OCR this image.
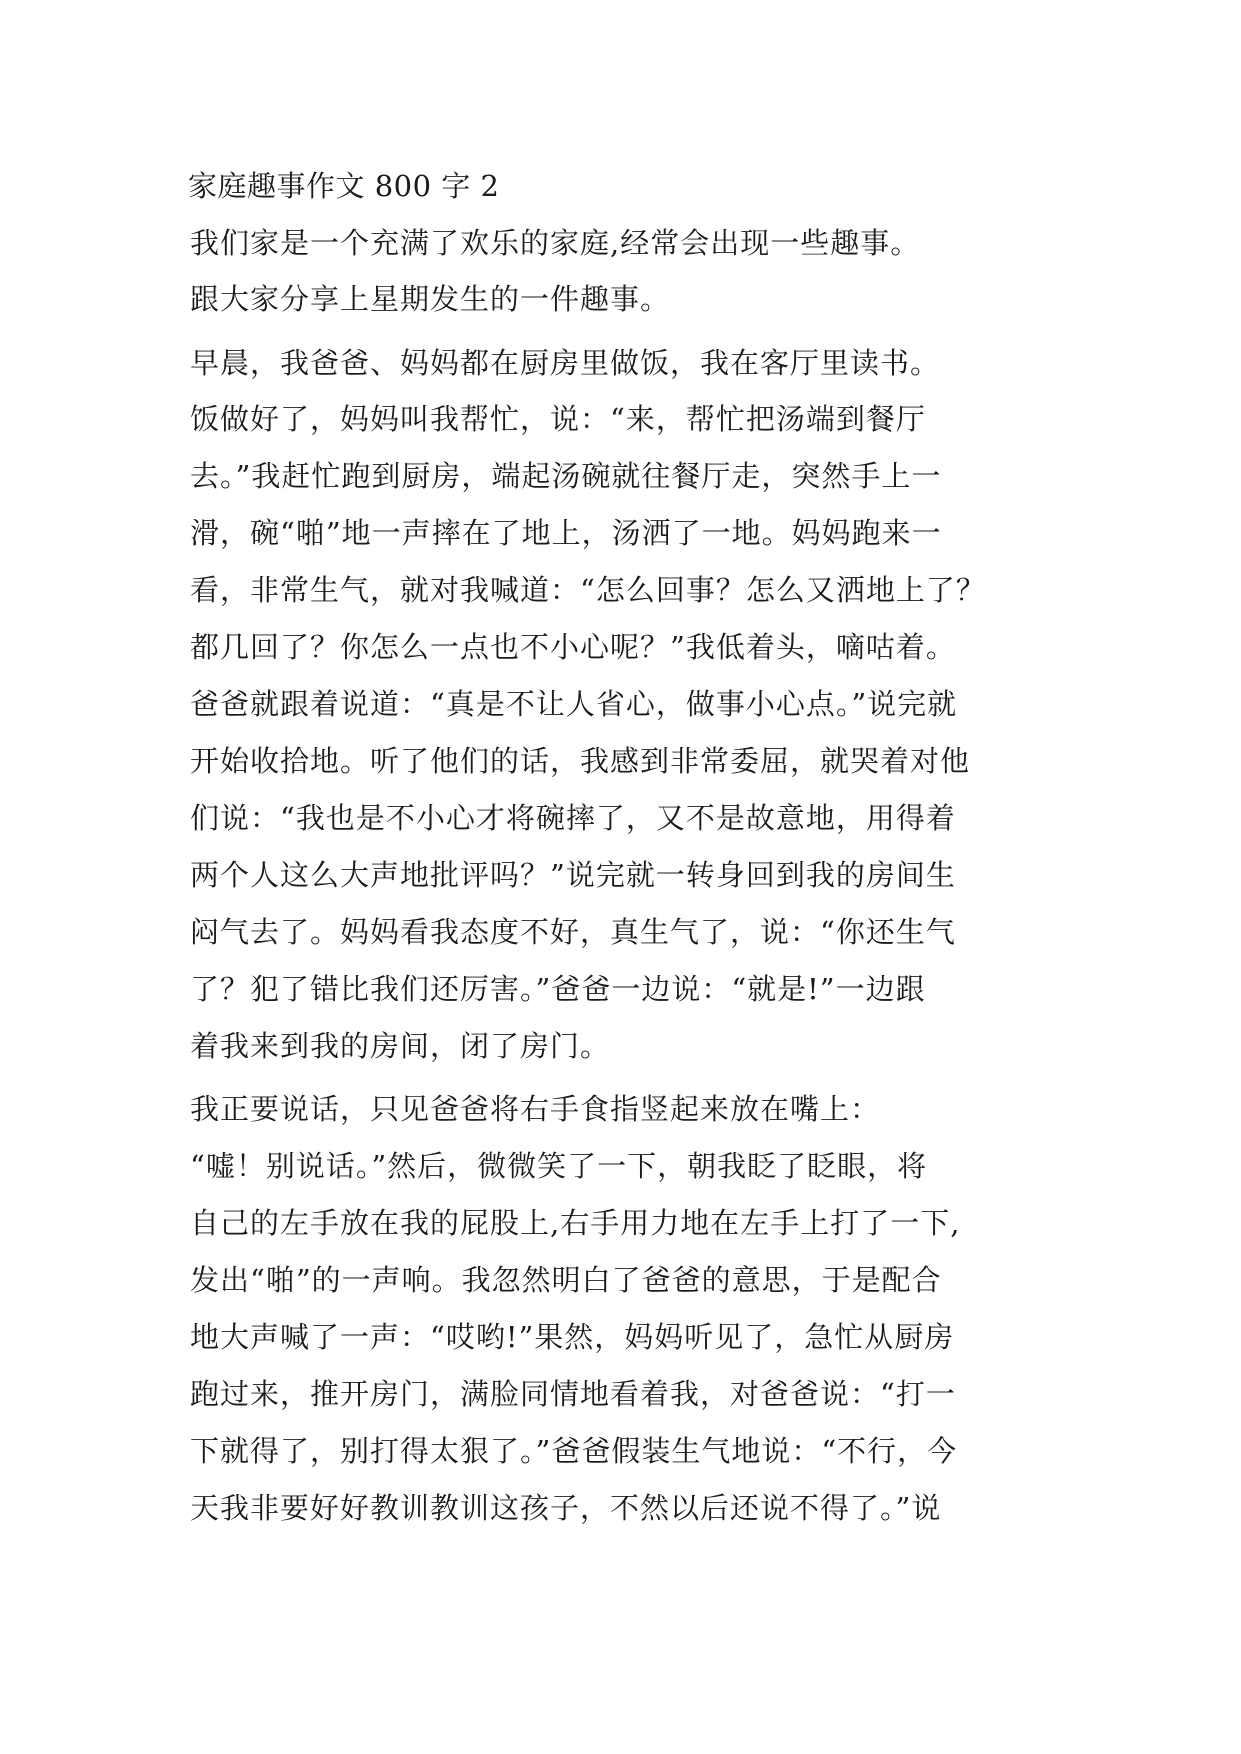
家庭趣事作文 800 字 2
我们家是一个充满了欢乐的家庭,经常会出现一些趣事。
跟大家分享上星期发生的一件趣事。
早晨，我爸爸、妈妈都在厨房里做饭，我在客厅里读书。
饭做好了，妈妈叫我帮忙，说：“来，帮忙把汤端到餐厅
去。”我赶忙跑到厨房，端起汤碗就往餐厅走，突然手上一
滑，碗“啪”地一声摔在了地上，汤洒了一地。妈妈跑来一
看，非常生气，就对我喊道：“怎么回事？怎么又洒地上了？
都几回了？你怎么一点也不小心呢？”我低着头，嘀咕着。
爸爸就跟着说道：“真是不让人省心，做事小心点。”说完就
开始收拾地。听了他们的话，我感到非常委屈，就哭着对他
们说：“我也是不小心才将碗摔了，又不是故意地，用得着
两个人这么大声地批评吗？”说完就一转身回到我的房间生
闷气去了。妈妈看我态度不好，真生气了，说：“你还生气
了？犯了错比我们还厉害。”爸爸一边说：“就是!”一边跟
着我来到我的房间，闭了房门。
我正要说话，只见爸爸将右手食指竖起来放在嘴上：
“嘘！别说话。”然后，微微笑了一下，朝我眨了眨眼，将
自己的左手放在我的屁股上,右手用力地在左手上打了一下,
发出“啪”的一声响。我忽然明白了爸爸的意思，于是配合
地大声喊了一声：“哎哟!”果然，妈妈听见了，急忙从厨房
跑过来，推开房门，满脸同情地看着我，对爸爸说：“打一
下就得了，别打得太狠了。”爸爸假装生气地说：“不行，今
天我非要好好教训教训这孩子，不然以后还说不得了。”说
